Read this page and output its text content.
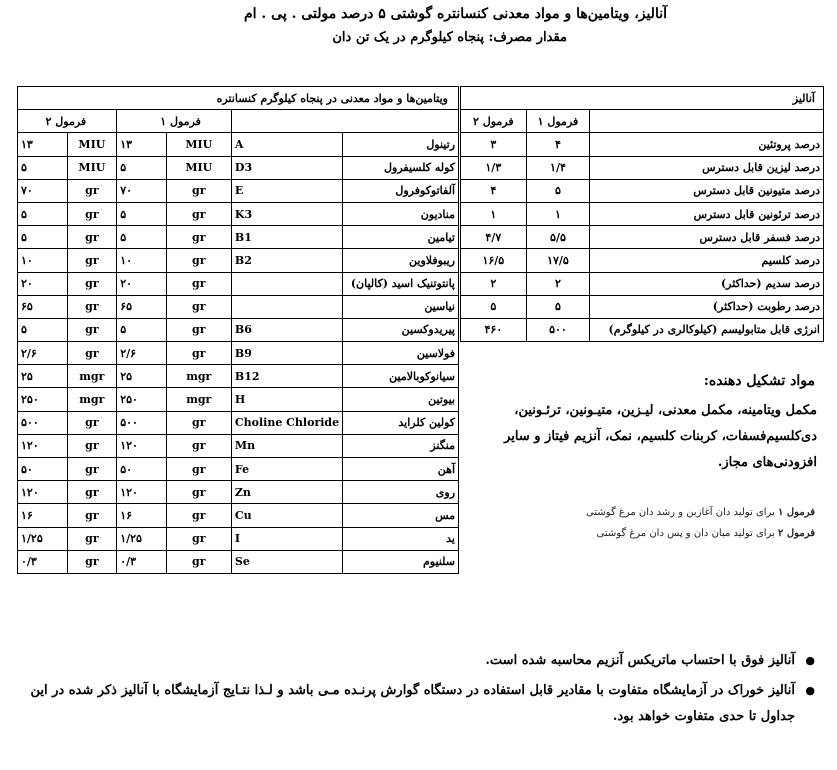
آنالیز، ویتامین‌ها و مواد معدنی کنسانتره گوشتی ۵ درصد مولتی . پی . ام
مقدار مصرف: پنجاه کیلوگرم در یک تن دان
ویتامین‌ها و مواد معدنی در پنجاه کیلوگرم کنسانتره					
فرمول ۲		فرمول ۱			
۱۳	MIU	۱۳	MIU	A	رتینول
۵	MIU	۵	MIU	D3	کوله کلسیفرول
۷۰	gr	۷۰	gr	E	آلفاتوکوفرول
۵	gr	۵	gr	K3	منادیون
۵	gr	۵	gr	B1	تیامین
۱۰	gr	۱۰	gr	B2	ریبوفلاوین
۲۰	gr	۲۰	gr		پانتوتنیک اسید (کالپان)
۶۵	gr	۶۵	gr		نیاسین
۵	gr	۵	gr	B6	پیریدوکسین
۲/۶	gr	۲/۶	gr	B9	فولاسین
۲۵	mgr	۲۵	mgr	B12	سیانوکوبالامین
۲۵۰	mgr	۲۵۰	mgr	H	بیوتین
۵۰۰	gr	۵۰۰	gr	Choline Chloride	کولین کلراید
۱۲۰	gr	۱۲۰	gr	Mn	منگنز
۵۰	gr	۵۰	gr	Fe	آهن
۱۲۰	gr	۱۲۰	gr	Zn	روی
۱۶	gr	۱۶	gr	Cu	مس
۱/۲۵	gr	۱/۲۵	gr	I	ید
۰/۳	gr	۰/۳	gr	Se	سلنیوم
آنالیز		
فرمول ۲	فرمول ۱	
۳	۴	درصد پروتئین
۱/۳	۱/۴	درصد لیزین قابل دسترس
۴	۵	درصد متیونین قابل دسترس
۱	۱	درصد ترئونین قابل دسترس
۴/۷	۵/۵	درصد فسفر قابل دسترس
۱۶/۵	۱۷/۵	درصد کلسیم
۲	۲	درصد سدیم (حداکثر)
۵	۵	درصد رطوبت (حداکثر)
۴۶۰	۵۰۰	انرژی قابل متابولیسم (کیلوکالری در کیلوگرم)
مواد تشکیل دهنده:
مکمل ویتامینه، مکمل معدنی، لیـزین، متیـونین، ترئـونین، دی‌کلسیم‌فسفات، کربنات کلسیم، نمک، آنزیم فیتاز و سایر افزودنی‌های مجاز.
فرمول ۱ برای تولید دان آغازین و رشد دان مرغ گوشتی
فرمول ۲ برای تولید میان دان و پس دان مرغ گوشتی
●
آنالیز فوق با احتساب ماتریکس آنزیم محاسبه شده است.
●
آنالیز خوراک در آزمایشگاه متفاوت با مقادیر قابل استفاده در دستگاه گوارش پرنـده مـی باشد و لـذا نتـایج آزمایشگاه با آنالیز ذکر شده در این جداول تا حدی متفاوت خواهد بود.
